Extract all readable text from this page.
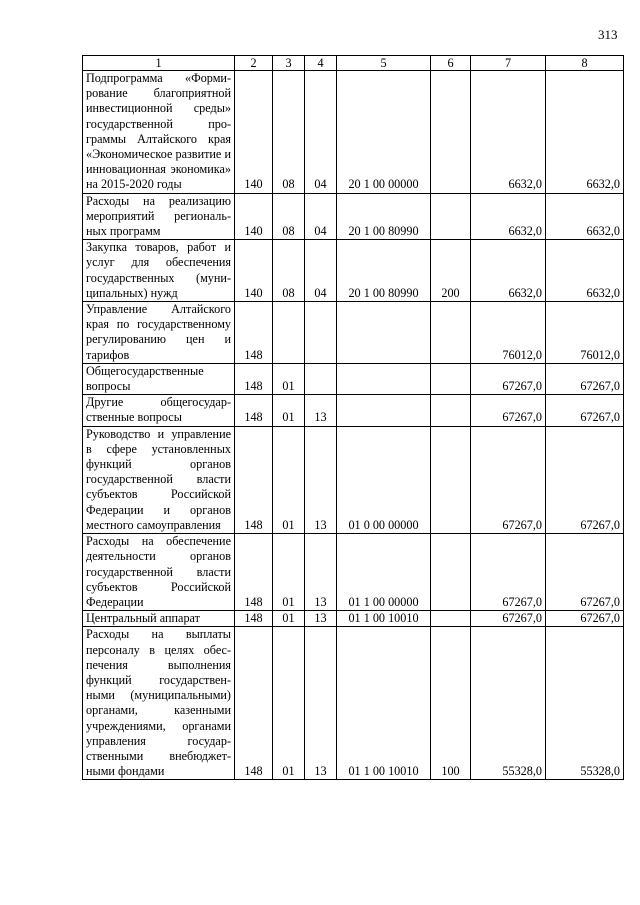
313
1	2	3	4	5	6	7	8
Подпрограмма «Формирование благоприятной инвестиционной среды» государственной программы Алтайского края «Экономическое развитие и инновационная экономика» на 2015-2020 годы	140	08	04	20 1 00 00000		6632,0	6632,0
Расходы на реализацию мероприятий региональных программ	140	08	04	20 1 00 80990		6632,0	6632,0
Закупка товаров, работ и услуг для обеспечения государственных (муниципальных) нужд	140	08	04	20 1 00 80990	200	6632,0	6632,0
Управление Алтайского края по государственному регулированию цен и тарифов	148					76012,0	76012,0
Общегосударственные вопросы	148	01				67267,0	67267,0
Другие общегосударственные вопросы	148	01	13			67267,0	67267,0
Руководство и управление в сфере установленных функций органов государственной власти субъектов Российской Федерации и органов местного самоуправления	148	01	13	01 0 00 00000		67267,0	67267,0
Расходы на обеспечение деятельности органов государственной власти субъектов Российской Федерации	148	01	13	01 1 00 00000		67267,0	67267,0
Центральный аппарат	148	01	13	01 1 00 10010		67267,0	67267,0
Расходы на выплаты персоналу в целях обеспечения выполнения функций государственными (муниципальными) органами, казенными учреждениями, органами управления государственными внебюджетными фондами	148	01	13	01 1 00 10010	100	55328,0	55328,0
